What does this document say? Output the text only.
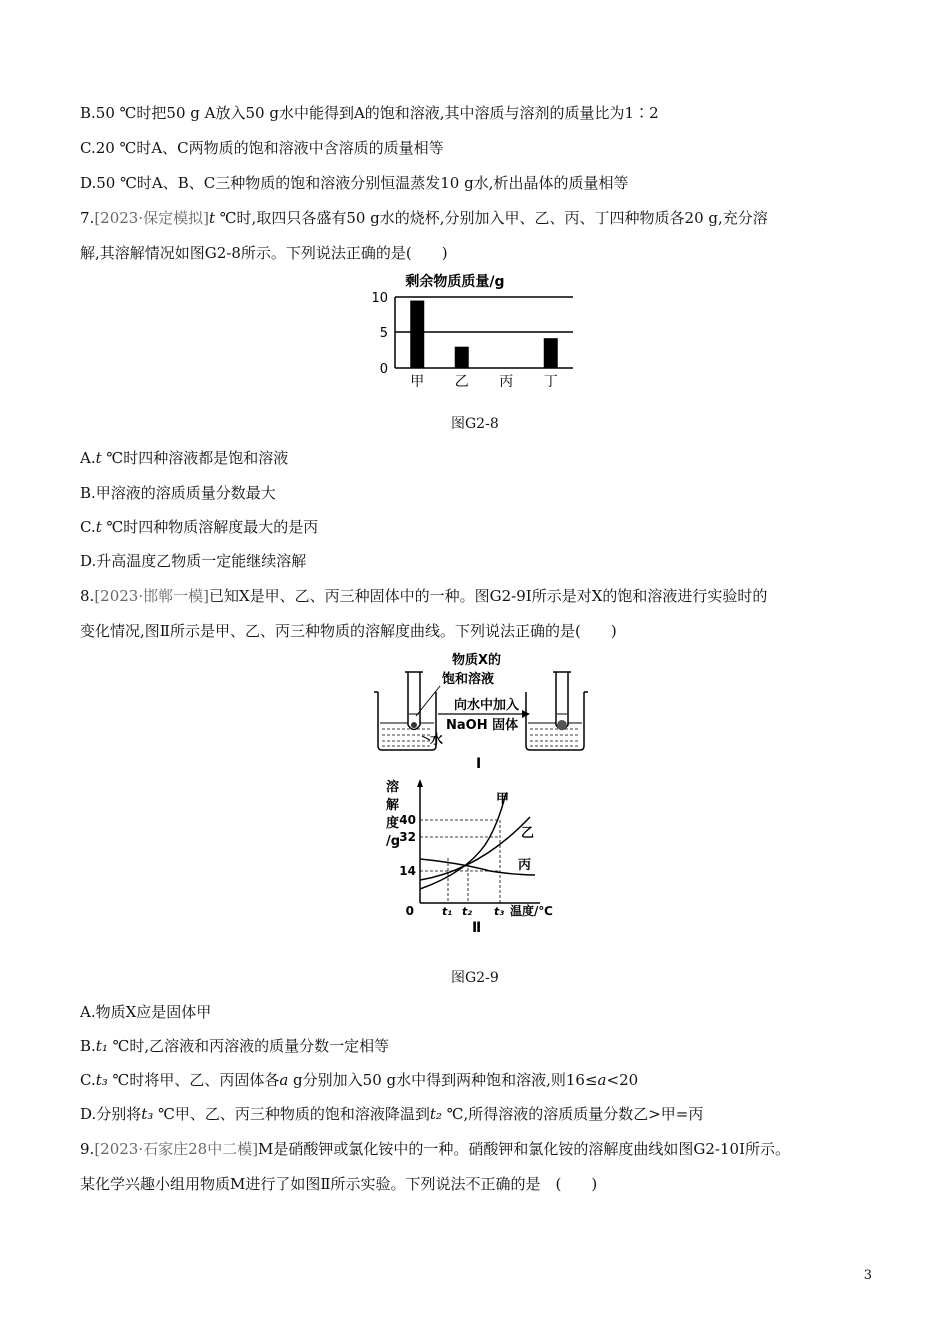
B.50 ℃时把50 g A放入50 g水中能得到A的饱和溶液,其中溶质与溶剂的质量比为1∶2
C.20 ℃时A、C两物质的饱和溶液中含溶质的质量相等
D.50 ℃时A、B、C三种物质的饱和溶液分别恒温蒸发10 g水,析出晶体的质量相等
7.[2023·保定模拟]t ℃时,取四只各盛有50 g水的烧杯,分别加入甲、乙、丙、丁四种物质各20 g,充分溶
解,其溶解情况如图G2-8所示。下列说法正确的是(　　)
剩余物质质量/g
10
5
0
甲 乙 丙 丁
图G2-8
A.t ℃时四种溶液都是饱和溶液
B.甲溶液的溶质质量分数最大
C.t ℃时四种物质溶解度最大的是丙
D.升高温度乙物质一定能继续溶解
8.[2023·邯郸一模]已知X是甲、乙、丙三种固体中的一种。图G2-9Ⅰ所示是对X的饱和溶液进行实验时的
变化情况,图Ⅱ所示是甲、乙、丙三种物质的溶解度曲线。下列说法正确的是(　　)
物质X的
饱和溶液
水
向水中加入
NaOH 固体
Ⅰ
溶
解
度
/g
40
32
14
0
甲
乙
丙
t₁ t₂ t₃ 温度/℃
Ⅱ
图G2-9
A.物质X应是固体甲
B.t₁ ℃时,乙溶液和丙溶液的质量分数一定相等
C.t₃ ℃时将甲、乙、丙固体各a g分别加入50 g水中得到两种饱和溶液,则16≤a<20
D.分别将t₃ ℃甲、乙、丙三种物质的饱和溶液降温到t₂ ℃,所得溶液的溶质质量分数乙>甲=丙
9.[2023·石家庄28中二模]M是硝酸钾或氯化铵中的一种。硝酸钾和氯化铵的溶解度曲线如图G2-10Ⅰ所示。
某化学兴趣小组用物质M进行了如图Ⅱ所示实验。下列说法不正确的是　(　　)
3
